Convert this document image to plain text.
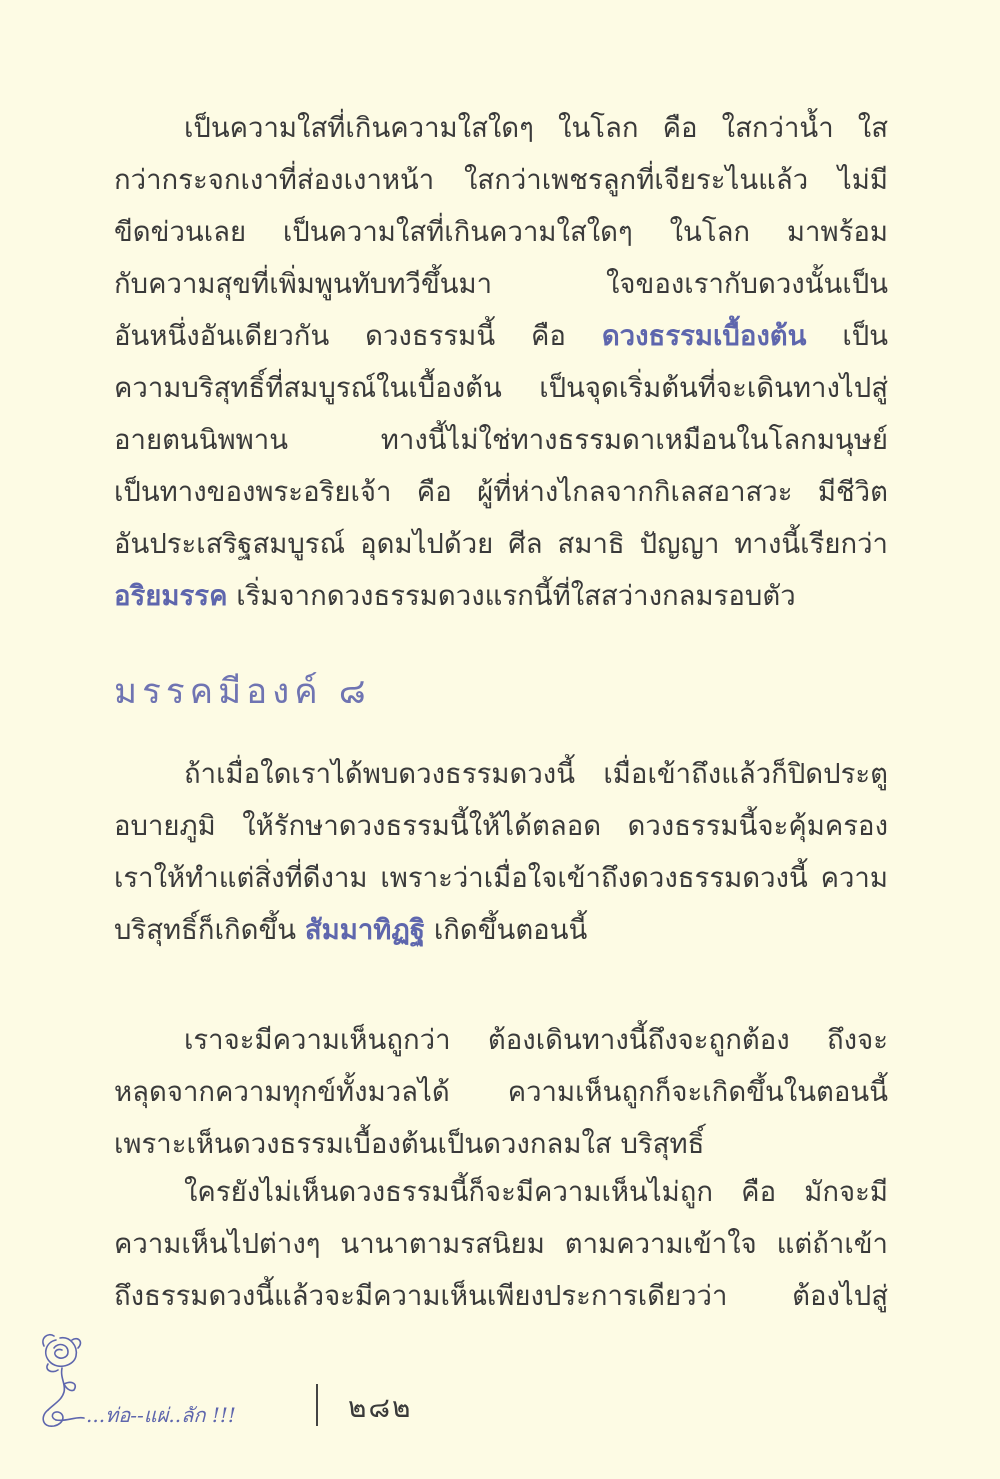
เป็นความใสที่เกินความใสใดๆ ในโลก คือ ใสกว่าน้ำ ใส
กว่ากระจกเงาที่ส่องเงาหน้า ใสกว่าเพชรลูกที่เจียระไนแล้ว ไม่มี
ขีดข่วนเลย เป็นความใสที่เกินความใสใดๆ ในโลก มาพร้อม
กับความสุขที่เพิ่มพูนทับทวีขึ้นมา ใจของเรากับดวงนั้นเป็น
อันหนึ่งอันเดียวกัน ดวงธรรมนี้ คือ ดวงธรรมเบื้องต้น เป็น
ความบริสุทธิ์ที่สมบูรณ์ในเบื้องต้น เป็นจุดเริ่มต้นที่จะเดินทางไปสู่
อายตนนิพพาน ทางนี้ไม่ใช่ทางธรรมดาเหมือนในโลกมนุษย์
เป็นทางของพระอริยเจ้า คือ ผู้ที่ห่างไกลจากกิเลสอาสวะ มีชีวิต
อันประเสริฐสมบูรณ์ อุดมไปด้วย ศีล สมาธิ ปัญญา ทางนี้เรียกว่า
อริยมรรค เริ่มจากดวงธรรมดวงแรกนี้ที่ใสสว่างกลมรอบตัว
มรรคมีองค์ ๘
ถ้าเมื่อใดเราได้พบดวงธรรมดวงนี้ เมื่อเข้าถึงแล้วก็ปิดประตู
อบายภูมิ ให้รักษาดวงธรรมนี้ให้ได้ตลอด ดวงธรรมนี้จะคุ้มครอง
เราให้ทำแต่สิ่งที่ดีงาม เพราะว่าเมื่อใจเข้าถึงดวงธรรมดวงนี้ ความ
บริสุทธิ์ก็เกิดขึ้น สัมมาทิฏฐิ เกิดขึ้นตอนนี้
เราจะมีความเห็นถูกว่า ต้องเดินทางนี้ถึงจะถูกต้อง ถึงจะ
หลุดจากความทุกข์ทั้งมวลได้ ความเห็นถูกก็จะเกิดขึ้นในตอนนี้
เพราะเห็นดวงธรรมเบื้องต้นเป็นดวงกลมใส บริสุทธิ์
ใครยังไม่เห็นดวงธรรมนี้ก็จะมีความเห็นไม่ถูก คือ มักจะมี
ความเห็นไปต่างๆ นานาตามรสนิยม ตามความเข้าใจ แต่ถ้าเข้า
ถึงธรรมดวงนี้แล้วจะมีความเห็นเพียงประการเดียวว่า ต้องไปสู่
...ท่อ--แผ่..ลัก !!!	๒๘๒
